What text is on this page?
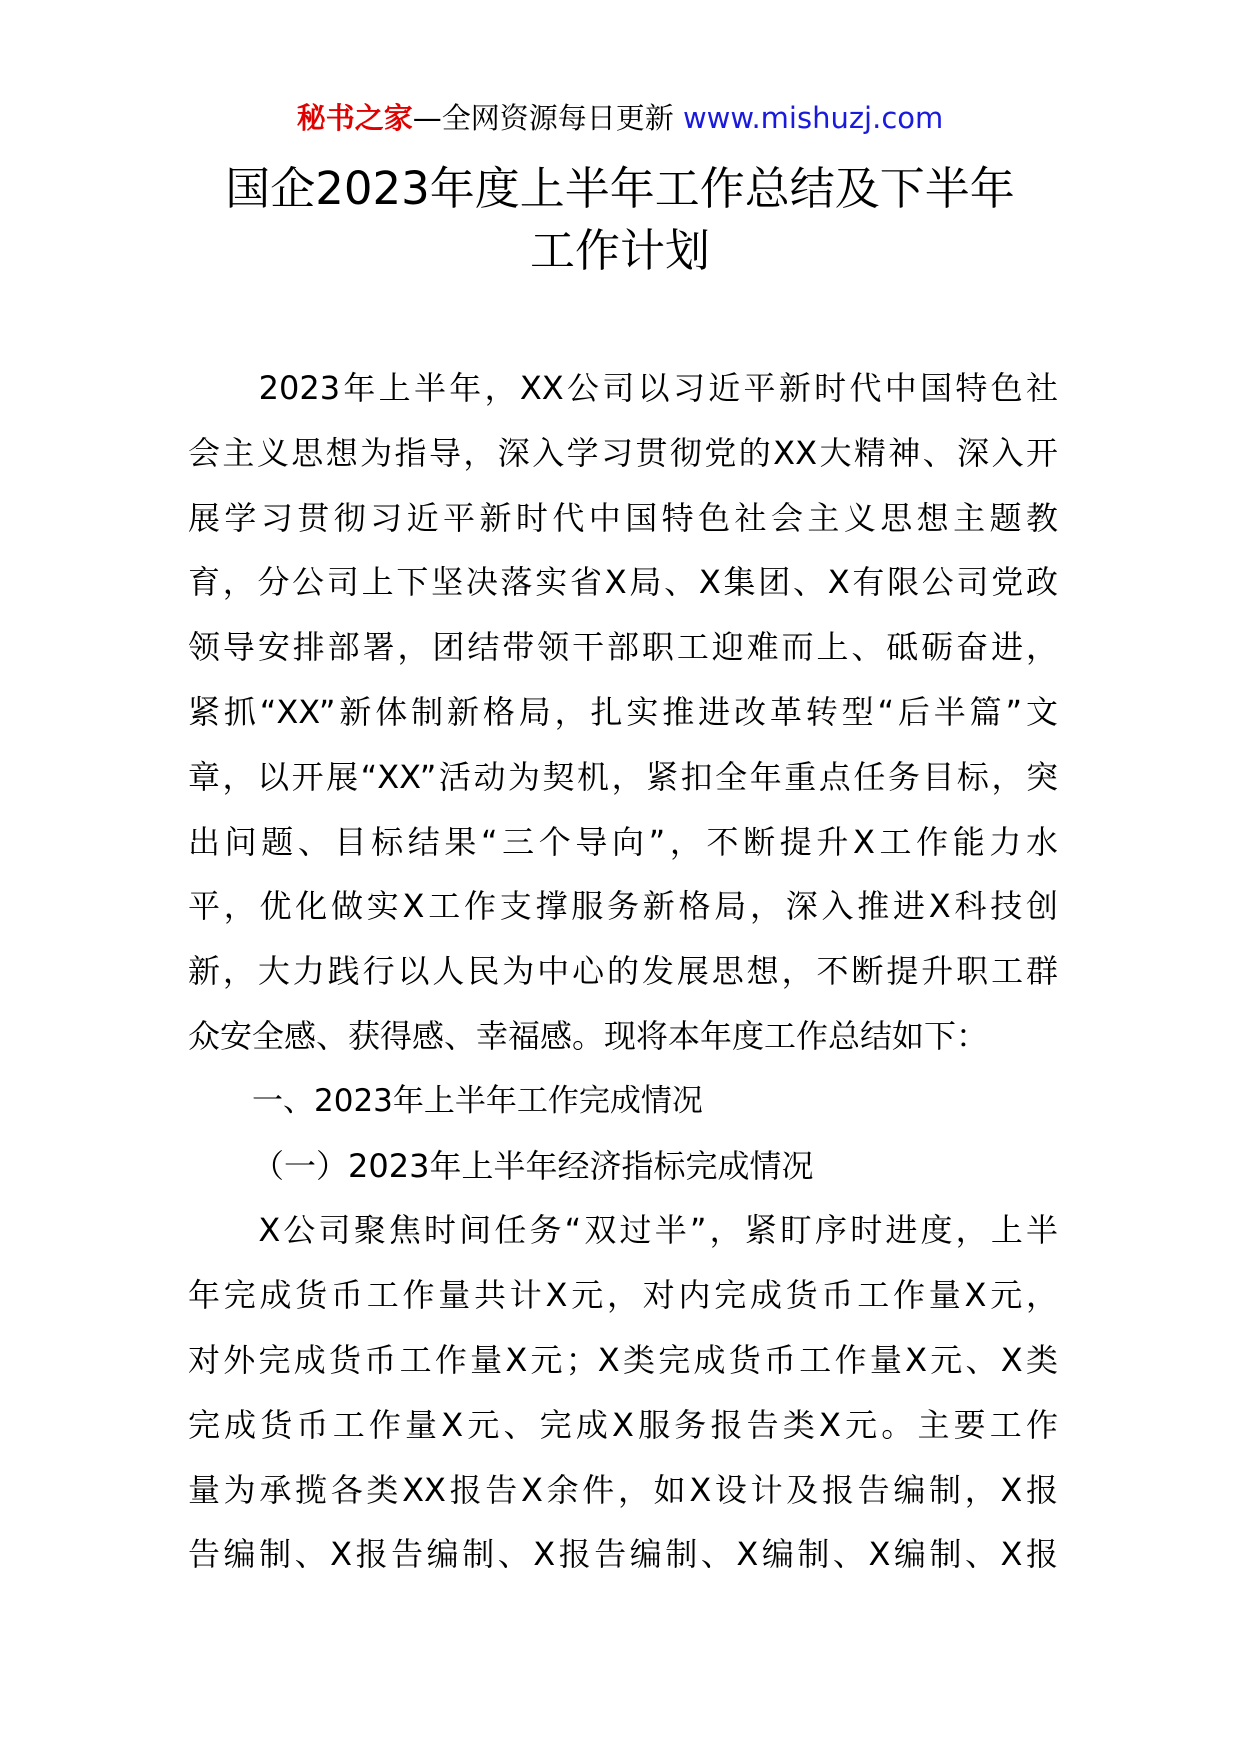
秘书之家—全网资源每日更新 www.mishuzj.com
国企2023年度上半年工作总结及下半年
工作计划
　　2023年上半年，XX公司以习近平新时代中国特色社
会主义思想为指导，深入学习贯彻党的XX大精神、深入开
展学习贯彻习近平新时代中国特色社会主义思想主题教
育，分公司上下坚决落实省X局、X集团、X有限公司党政
领导安排部署，团结带领干部职工迎难而上、砥砺奋进，
紧抓“XX”新体制新格局，扎实推进改革转型“后半篇”文
章，以开展“XX”活动为契机，紧扣全年重点任务目标，突
出问题、目标结果“三个导向”，不断提升X工作能力水
平，优化做实X工作支撑服务新格局，深入推进X科技创
新，大力践行以人民为中心的发展思想，不断提升职工群
众安全感、获得感、幸福感。现将本年度工作总结如下：
一、2023年上半年工作完成情况
（一）2023年上半年经济指标完成情况
　　X公司聚焦时间任务“双过半”，紧盯序时进度，上半
年完成货币工作量共计X元，对内完成货币工作量X元，
对外完成货币工作量X元；X类完成货币工作量X元、X类
完成货币工作量X元、完成X服务报告类X元。主要工作
量为承揽各类XX报告X余件，如X设计及报告编制，X报
告编制、X报告编制、X报告编制、X编制、X编制、X报
